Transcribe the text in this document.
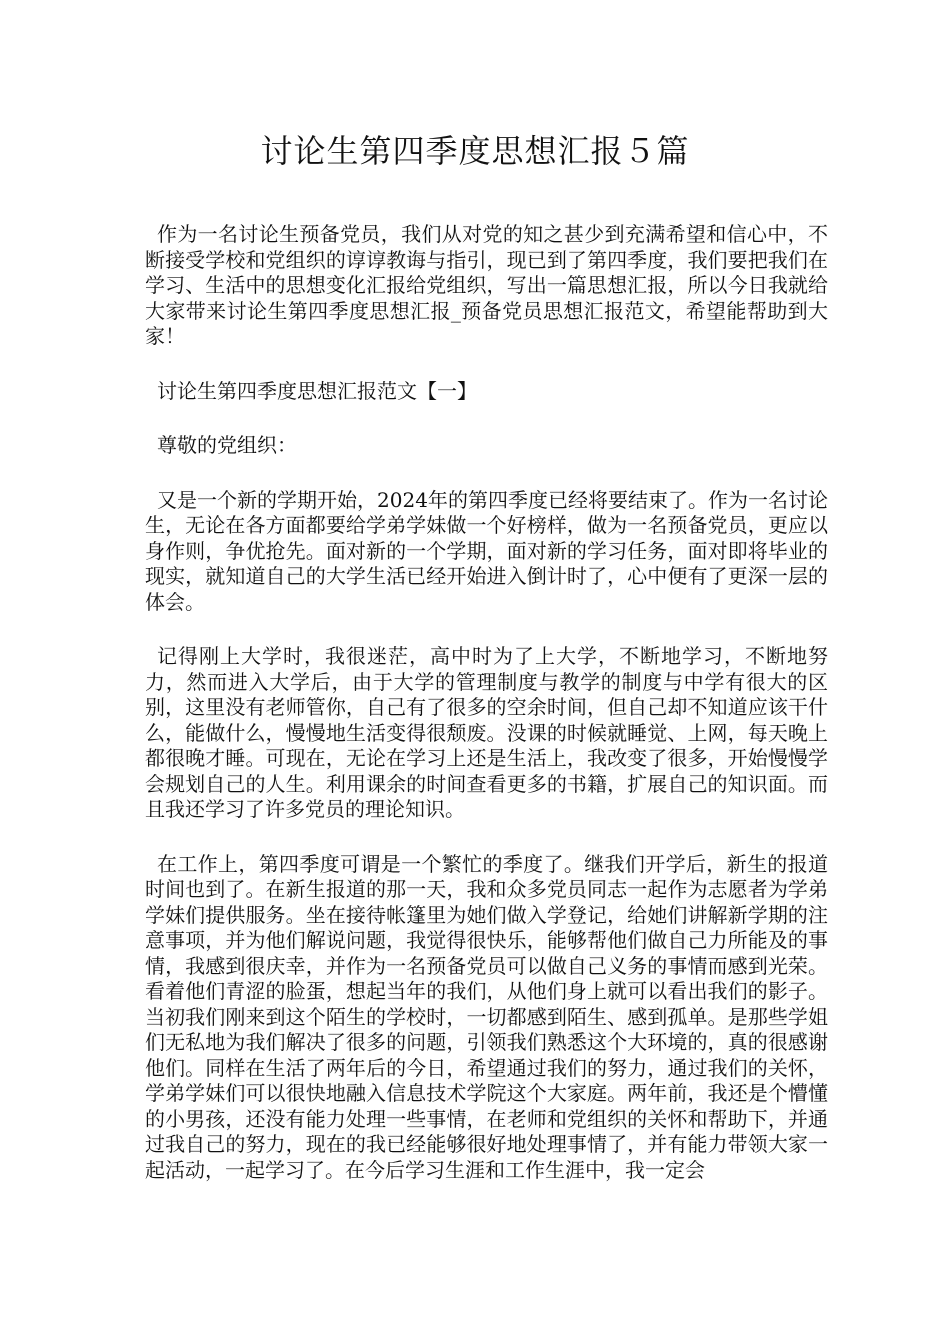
讨论生第四季度思想汇报５篇

作为一名讨论生预备党员，我们从对党的知之甚少到充满希望和信心中，不断接受学校和党组织的谆谆教诲与指引，现已到了第四季度，我们要把我们在学习、生活中的思想变化汇报给党组织，写出一篇思想汇报，所以今日我就给大家带来讨论生第四季度思想汇报_预备党员思想汇报范文，希望能帮助到大家！

讨论生第四季度思想汇报范文【一】

尊敬的党组织：

又是一个新的学期开始，2024年的第四季度已经将要结束了。作为一名讨论生，无论在各方面都要给学弟学妹做一个好榜样，做为一名预备党员，更应以身作则，争优抢先。面对新的一个学期，面对新的学习任务，面对即将毕业的现实，就知道自己的大学生活已经开始进入倒计时了，心中便有了更深一层的体会。

记得刚上大学时，我很迷茫，高中时为了上大学，不断地学习，不断地努力，然而进入大学后，由于大学的管理制度与教学的制度与中学有很大的区别，这里没有老师管你，自己有了很多的空余时间，但自己却不知道应该干什么，能做什么，慢慢地生活变得很颓废。没课的时候就睡觉、上网，每天晚上都很晚才睡。可现在，无论在学习上还是生活上，我改变了很多，开始慢慢学会规划自己的人生。利用课余的时间查看更多的书籍，扩展自己的知识面。而且我还学习了许多党员的理论知识。

在工作上，第四季度可谓是一个繁忙的季度了。继我们开学后，新生的报道时间也到了。在新生报道的那一天，我和众多党员同志一起作为志愿者为学弟学妹们提供服务。坐在接待帐篷里为她们做入学登记，给她们讲解新学期的注意事项，并为他们解说问题，我觉得很快乐，能够帮他们做自己力所能及的事情，我感到很庆幸，并作为一名预备党员可以做自己义务的事情而感到光荣。看着他们青涩的脸蛋，想起当年的我们，从他们身上就可以看出我们的影子。当初我们刚来到这个陌生的学校时，一切都感到陌生、感到孤单。是那些学姐们无私地为我们解决了很多的问题，引领我们熟悉这个大环境的，真的很感谢他们。同样在生活了两年后的今日，希望通过我们的努力，通过我们的关怀，学弟学妹们可以很快地融入信息技术学院这个大家庭。两年前，我还是个懵懂的小男孩，还没有能力处理一些事情，在老师和党组织的关怀和帮助下，并通过我自己的努力，现在的我已经能够很好地处理事情了，并有能力带领大家一起活动，一起学习了。在今后学习生涯和工作生涯中，我一定会
